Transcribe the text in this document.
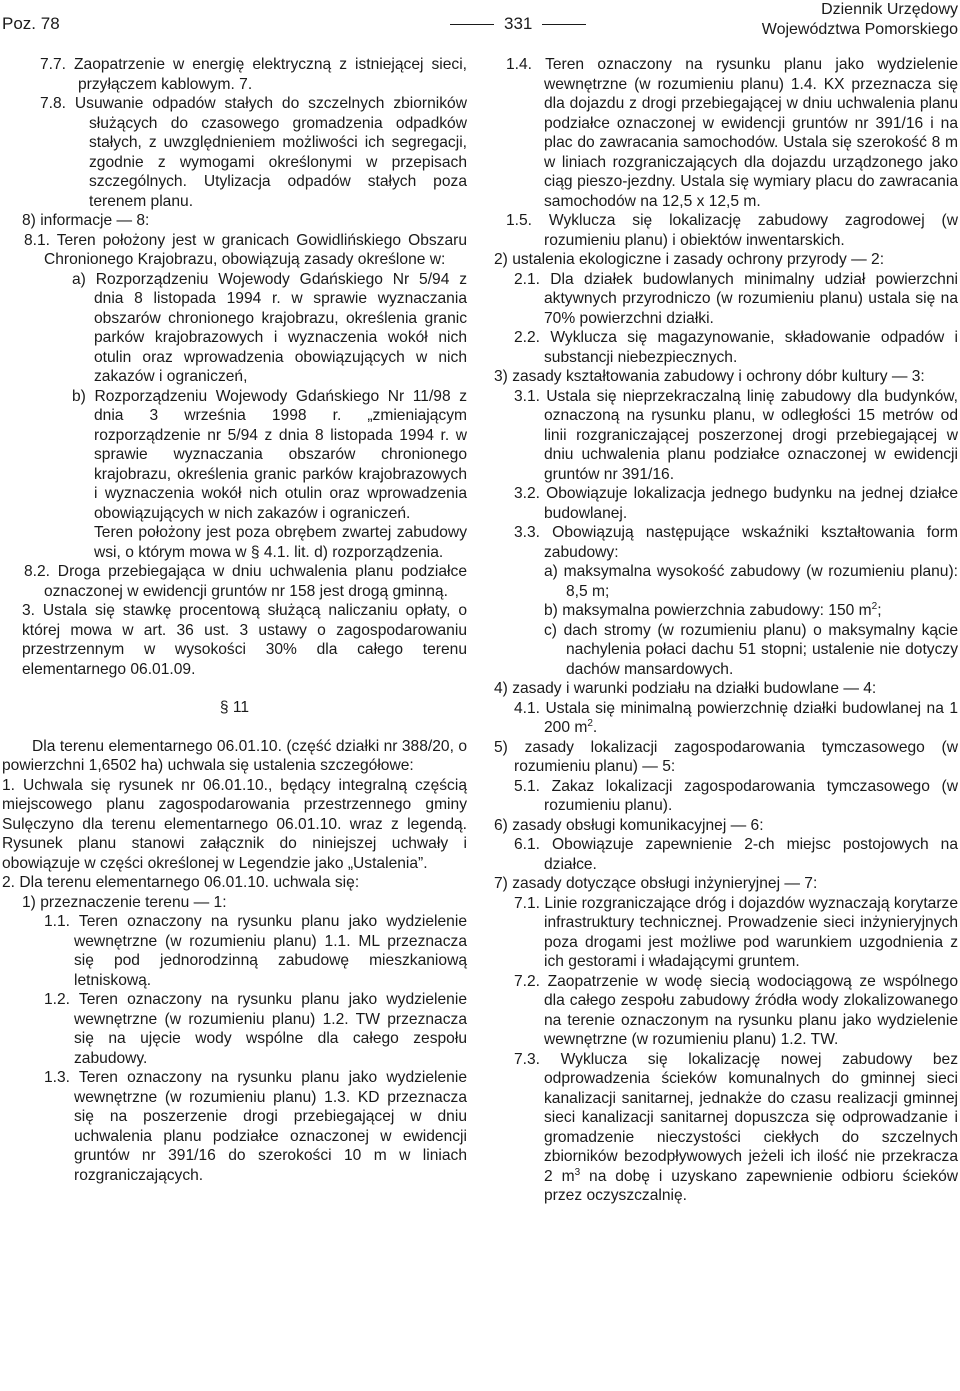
Poz. 78	331
Dziennik Urzędowy
Województwa Pomorskiego

7.7. Zaopatrzenie w energię elektryczną z istniejącej sieci, przyłączem kablowym. 7.

7.8. Usuwanie odpadów stałych do szczelnych zbiorników służących do czasowego gromadzenia odpadków stałych, z uwzględnieniem możliwości ich segregacji, zgodnie z wymogami określonymi w przepisach szczególnych. Utylizacja odpadów stałych poza terenem planu.

8) informacje — 8:

8.1. Teren położony jest w granicach Gowidlińskiego Obszaru Chronionego Krajobrazu, obowiązują zasady określone w:

a) Rozporządzeniu Wojewody Gdańskiego Nr 5/94 z dnia 8 listopada 1994 r. w sprawie wyznaczania obszarów chronionego krajobrazu, określenia granic parków krajobrazowych i wyznaczenia wokół nich otulin oraz wprowadzenia obowiązujących w nich zakazów i ograniczeń,

b) Rozporządzeniu Wojewody Gdańskiego Nr 11/98 z dnia 3 września 1998 r. „zmieniającym rozporządzenie nr 5/94 z dnia 8 listopada 1994 r. w sprawie wyznaczania obszarów chronionego krajobrazu, określenia granic parków krajobrazowych i wyznaczenia wokół nich otulin oraz wprowadzenia obowiązujących w nich zakazów i ograniczeń.

Teren położony jest poza obrębem zwartej zabudowy wsi, o którym mowa w § 4.1. lit. d) rozporządzenia.

8.2. Droga przebiegająca w dniu uchwalenia planu podziałce oznaczonej w ewidencji gruntów nr 158 jest drogą gminną.

3. Ustala się stawkę procentową służącą naliczaniu opłaty, o której mowa w art. 36 ust. 3 ustawy o zagospodarowaniu przestrzennym w wysokości 30% dla całego terenu elementarnego 06.01.09.

§ 11

Dla terenu elementarnego 06.01.10. (część działki nr 388/20, o powierzchni 1,6502 ha) uchwala się ustalenia szczegółowe:

1. Uchwala się rysunek nr 06.01.10., będący integralną częścią miejscowego planu zagospodarowania przestrzennego gminy Sulęczyno dla terenu elementarnego 06.01.10. wraz z legendą. Rysunek planu stanowi załącznik do niniejszej uchwały i obowiązuje w części określonej w Legendzie jako „Ustalenia”.

2. Dla terenu elementarnego 06.01.10. uchwala się:

1) przeznaczenie terenu — 1:

1.1. Teren oznaczony na rysunku planu jako wydzielenie wewnętrzne (w rozumieniu planu) 1.1. ML przeznacza się pod jednorodzinną zabudowę mieszkaniową letniskową.

1.2. Teren oznaczony na rysunku planu jako wydzielenie wewnętrzne (w rozumieniu planu) 1.2. TW przeznacza się na ujęcie wody wspólne dla całego zespołu zabudowy.

1.3. Teren oznaczony na rysunku planu jako wydzielenie wewnętrzne (w rozumieniu planu) 1.3. KD przeznacza się na poszerzenie drogi przebiegającej w dniu uchwalenia planu podziałce oznaczonej w ewidencji gruntów nr 391/16 do szerokości 10 m w liniach rozgraniczających.

1.4. Teren oznaczony na rysunku planu jako wydzielenie wewnętrzne (w rozumieniu planu) 1.4. KX przeznacza się dla dojazdu z drogi przebiegającej w dniu uchwalenia planu podziałce oznaczonej w ewidencji gruntów nr 391/16 i na plac do zawracania samochodów. Ustala się szerokość 8 m w liniach rozgraniczających dla dojazdu urządzonego jako ciąg pieszo-jezdny. Ustala się wymiary placu do zawracania samochodów na 12,5 x 12,5 m.

1.5. Wyklucza się lokalizację zabudowy zagrodowej (w rozumieniu planu) i obiektów inwentarskich.

2) ustalenia ekologiczne i zasady ochrony przyrody — 2:

2.1. Dla działek budowlanych minimalny udział powierzchni aktywnych przyrodniczo (w rozumieniu planu) ustala się na 70% powierzchni działki.

2.2. Wyklucza się magazynowanie, składowanie odpadów i substancji niebezpiecznych.

3) zasady kształtowania zabudowy i ochrony dóbr kultury — 3:

3.1. Ustala się nieprzekraczalną linię zabudowy dla budynków, oznaczoną na rysunku planu, w odległości 15 metrów od linii rozgraniczającej poszerzonej drogi przebiegającej w dniu uchwalenia planu podziałce oznaczonej w ewidencji gruntów nr 391/16.

3.2. Obowiązuje lokalizacja jednego budynku na jednej działce budowlanej.

3.3. Obowiązują następujące wskaźniki kształtowania form zabudowy:

a) maksymalna wysokość zabudowy (w rozumieniu planu): 8,5 m;

b) maksymalna powierzchnia zabudowy: 150 $m^2$;

c) dach stromy (w rozumieniu planu) o maksymalny kącie nachylenia połaci dachu 51 stopni; ustalenie nie dotyczy dachów mansardowych.

4) zasady i warunki podziału na działki budowlane — 4:

4.1. Ustala się minimalną powierzchnię działki budowlanej na 1 200 $m^2$.

5) zasady lokalizacji zagospodarowania tymczasowego (w rozumieniu planu) — 5:

5.1. Zakaz lokalizacji zagospodarowania tymczasowego (w rozumieniu planu).

6) zasady obsługi komunikacyjnej — 6:

6.1. Obowiązuje zapewnienie 2-ch miejsc postojowych na działce.

7) zasady dotyczące obsługi inżynieryjnej — 7:

7.1. Linie rozgraniczające dróg i dojazdów wyznaczają korytarze infrastruktury technicznej. Prowadzenie sieci inżynieryjnych poza drogami jest możliwe pod warunkiem uzgodnienia z ich gestorami i władającymi gruntem.

7.2. Zaopatrzenie w wodę siecią wodociągową ze wspólnego dla całego zespołu zabudowy źródła wody zlokalizowanego na terenie oznaczonym na rysunku planu jako wydzielenie wewnętrzne (w rozumieniu planu) 1.2. TW.

7.3. Wyklucza się lokalizację nowej zabudowy bez odprowadzenia ścieków komunalnych do gminnej sieci kanalizacji sanitarnej, jednakże do czasu realizacji gminnej sieci kanalizacji sanitarnej dopuszcza się odprowadzanie i gromadzenie nieczystości ciekłych do szczelnych zbiorników bezodpływowych jeżeli ich ilość nie przekracza 2 $m^3$ na dobę i uzyskano zapewnienie odbioru ścieków przez oczyszczalnię.
